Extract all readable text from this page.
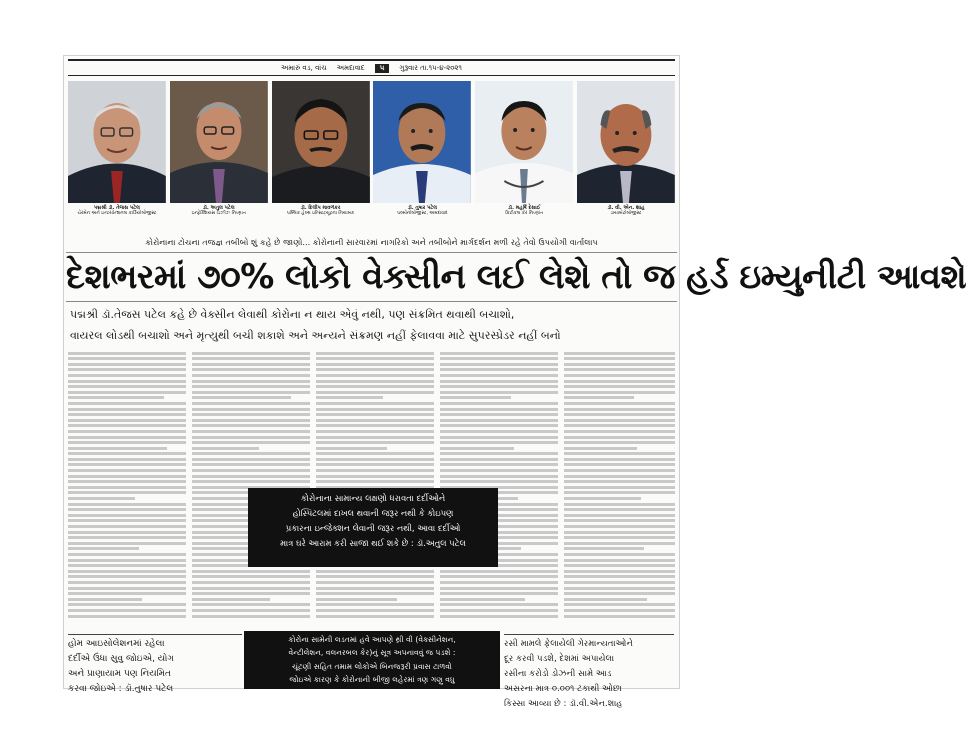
અમારું વડ, વાંચ અમદાવાદ	૫	ગુરૂવાર તા.૧૫-૪-૨૦૨૧
પદ્મશ્રી ડૉ. તેજસ પટેલ
ચેરમેન અને ઇન્ટરવેન્શનલ કાર્ડિયોલોજીસ્ટ
ડૉ. અતુલ પટેલ
ઇન્ફેક્શિયસ ડિઝીઝ નિષ્ણાત
ડૉ. દિલીપ માવળંકર
પબ્લિક હેલ્થ ઇન્સ્ટિટ્યૂટના નિયામક
ડૉ. તુષાર પટેલ
પલ્મોનોલોજીસ્ટ, અમદાવાદ
ડૉ. મહર્ષિ દેસાઈ
ક્રિટીકલ કેર નિષ્ણાંત
ડૉ. વી. એન. શાહ
ડાયાબેટોલોજીસ્ટ
કોરોનાના ટોચના તજજ્ઞ તબીબો શું કહે છે જાણો... કોરોનાની સારવારમાં નાગરિકો અને તબીબોને માર્ગદર્શન મળી રહે તેવો ઉપયોગી વાર્તાલાપ
દેશભરમાં ૭૦% લોકો વેક્સીન લઈ લેશે તો જ હર્ડ ઇમ્યુનીટી આવશે
પદ્મશ્રી ડૉ.તેજસ પટેલ કહે છે વેક્સીન લેવાથી કોરોના ન થાય એવું નથી, પણ સંક્રમિત થવાથી બચાશો,
વાયરલ લોડથી બચાશો અને મૃત્યુથી બચી શકાશે અને અન્યને સંક્રમણ નહીં ફેલાવવા માટે સુપરસ્પ્રેડર નહીં બનો
કોરોનાના સામાન્ય લક્ષણો ધરાવતા દર્દીઓને
હોસ્પિટલમાં દાખલ થવાની જરૂર નથી કે કોઇપણ
પ્રકારના ઇન્જેક્શન લેવાની જરૂર નથી, આવા દર્દીઓ
માત્ર ઘરે આરામ કરી સાજા થઈ શકે છે : ડૉ.અતુલ પટેલ
હોમ આઇસોલેશનમાં રહેલા
દર્દીએ ઉંધા સુવુ જોઇએ, યોગ
અને પ્રાણાયામ પણ નિયમિત
કરવા જોઇએ : ડૉ.તુષાર પટેલ
કોરોના સામેની લડતમાં હવે આપણે થ્રી વી (વેક્સીનેશન,
વેન્ટીલેશન, વલનરબલ કેર)નું સૂત્ર અપનાવવું જ પડશે :
ચૂંટણી સહિત તમામ લોકોએ બિનજરૂરી પ્રવાસ ટાળવો
જોઇએ કારણ કે કોરોનાની બીજી લહેરમાં ત્રણ ગણુ વધુ
ઝડપે સંક્રમણ ફેલાય રહ્યું છે : ડૉ.દિલીપ માવળંકર
રસી મામલે ફેલાયેલી ગેરમાન્યતાઓને
દૂર કરવી પડશે, દેશમાં અપાયેલા
રસીના કરોડો ડોઝની સામે આડ
અસરના માત્ર ૦.૦૦૧ ટકાથી ઓછા
કિસ્સા આવ્યા છે : ડૉ.વી.એન.શાહ
